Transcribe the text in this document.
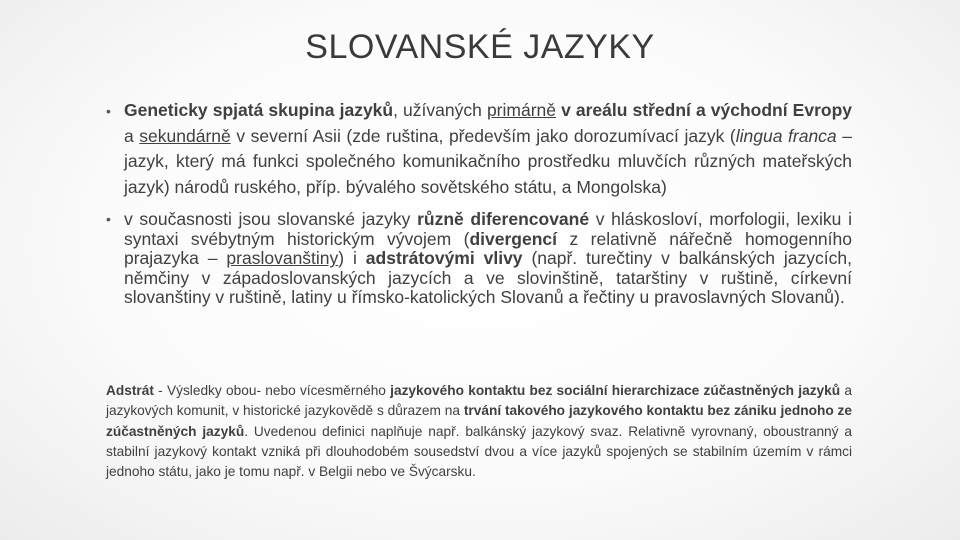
SLOVANSKÉ JAZYKY
• Geneticky spjatá skupina jazyků, užívaných primárně v areálu střední a východní Evropy a sekundárně v severní Asii (zde ruština, především jako dorozumívací jazyk (lingua franca – jazyk, který má funkci společného komunikačního prostředku mluvčích různých mateřských jazyk) národů ruského, příp. bývalého sovětského státu, a Mongolska)
• v současnosti jsou slovanské jazyky různě diferencované v hláskosloví, morfologii, lexiku i syntaxi svébytným historickým vývojem (divergencí z relativně nářečně homogenního prajazyka – praslovanštiny) i adstrátovými vlivy (např. turečtiny v balkánských jazycích, němčiny v západoslovanských jazycích a ve slovinštině, tatarštiny v ruštině, církevní slovanštiny v ruštině, latiny u římsko-katolických Slovanů a řečtiny u pravoslavných Slovanů).

Adstrát - Výsledky obou- nebo vícesměrného jazykového kontaktu bez sociální hierarchizace zúčastněných jazyků a jazykových komunit, v historické jazykovědě s důrazem na trvání takového jazykového kontaktu bez zániku jednoho ze zúčastněných jazyků. Uvedenou definici naplňuje např. balkánský jazykový svaz. Relativně vyrovnaný, oboustranný a stabilní jazykový kontakt vzniká při dlouhodobém sousedství dvou a více jazyků spojených se stabilním územím v rámci jednoho státu, jako je tomu např. v Belgii nebo ve Švýcarsku.
